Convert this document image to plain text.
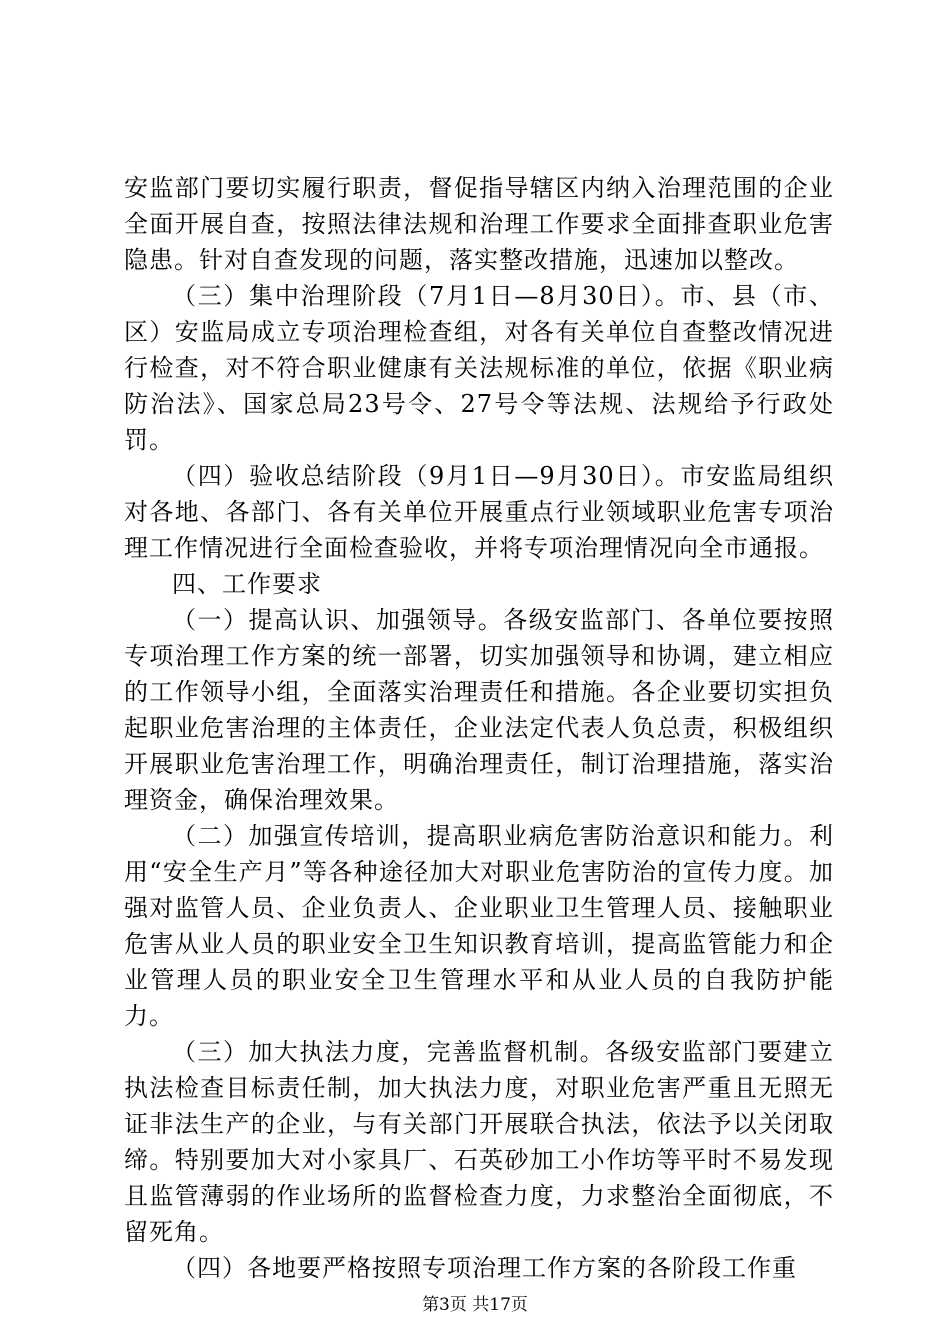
安监部门要切实履行职责，督促指导辖区内纳入治理范围的企业全面开展自查，按照法律法规和治理工作要求全面排查职业危害隐患。针对自查发现的问题，落实整改措施，迅速加以整改。

（三）集中治理阶段（7月1日—8月30日）。市、县（市、区）安监局成立专项治理检查组，对各有关单位自查整改情况进行检查，对不符合职业健康有关法规标准的单位，依据《职业病防治法》、国家总局23号令、27号令等法规、法规给予行政处罚。

（四）验收总结阶段（9月1日—9月30日）。市安监局组织对各地、各部门、各有关单位开展重点行业领域职业危害专项治理工作情况进行全面检查验收，并将专项治理情况向全市通报。

四、工作要求

（一）提高认识、加强领导。各级安监部门、各单位要按照专项治理工作方案的统一部署，切实加强领导和协调，建立相应的工作领导小组，全面落实治理责任和措施。各企业要切实担负起职业危害治理的主体责任，企业法定代表人负总责，积极组织开展职业危害治理工作，明确治理责任，制订治理措施，落实治理资金，确保治理效果。

（二）加强宣传培训，提高职业病危害防治意识和能力。利用“安全生产月”等各种途径加大对职业危害防治的宣传力度。加强对监管人员、企业负责人、企业职业卫生管理人员、接触职业危害从业人员的职业安全卫生知识教育培训，提高监管能力和企业管理人员的职业安全卫生管理水平和从业人员的自我防护能力。

（三）加大执法力度，完善监督机制。各级安监部门要建立执法检查目标责任制，加大执法力度，对职业危害严重且无照无证非法生产的企业，与有关部门开展联合执法，依法予以关闭取缔。特别要加大对小家具厂、石英砂加工小作坊等平时不易发现且监管薄弱的作业场所的监督检查力度，力求整治全面彻底，不留死角。

（四）各地要严格按照专项治理工作方案的各阶段工作重

第3页 共17页
